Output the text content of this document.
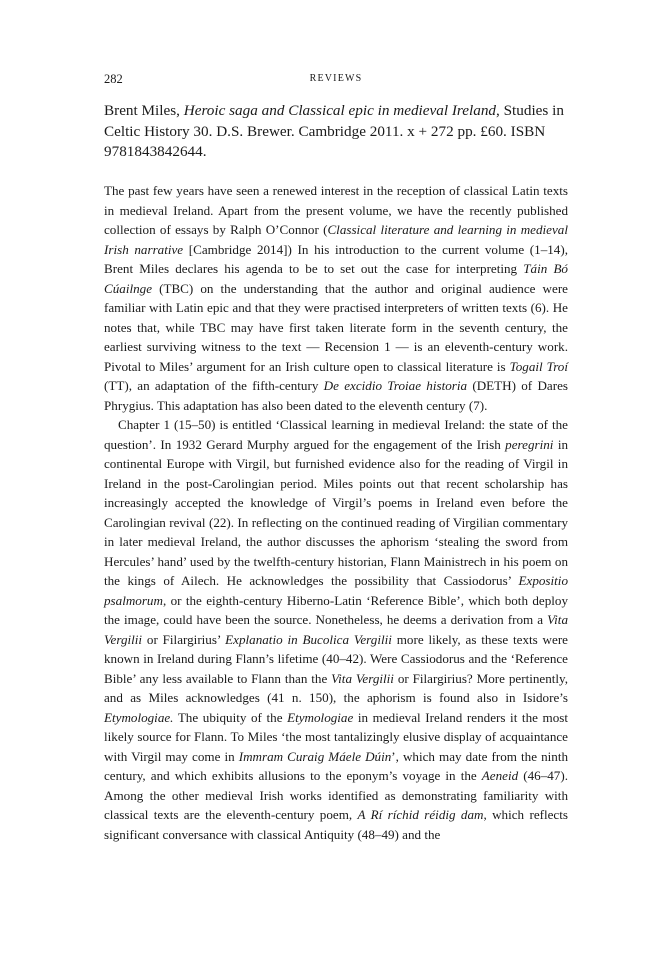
282	REVIEWS

Brent Miles, Heroic saga and Classical epic in medieval Ireland, Studies in Celtic History 30. D.S. Brewer. Cambridge 2011. x + 272 pp. £60. ISBN 9781843842644.

The past few years have seen a renewed interest in the reception of classical Latin texts in medieval Ireland. Apart from the present volume, we have the recently published collection of essays by Ralph O’Connor (Classical literature and learning in medieval Irish narrative [Cambridge 2014]) In his introduction to the current volume (1–14), Brent Miles declares his agenda to be to set out the case for interpreting Táin Bó Cúailnge (TBC) on the understanding that the author and original audience were familiar with Latin epic and that they were practised interpreters of written texts (6). He notes that, while TBC may have first taken literate form in the seventh century, the earliest surviving witness to the text — Recension 1 — is an eleventh-century work. Pivotal to Miles’ argument for an Irish culture open to classical literature is Togail Troí (TT), an adaptation of the fifth-century De excidio Troiae historia (DETH) of Dares Phrygius. This adaptation has also been dated to the eleventh century (7).

Chapter 1 (15–50) is entitled ‘Classical learning in medieval Ireland: the state of the question’. In 1932 Gerard Murphy argued for the engagement of the Irish peregrini in continental Europe with Virgil, but furnished evidence also for the reading of Virgil in Ireland in the post-Carolingian period. Miles points out that recent scholarship has increasingly accepted the knowledge of Virgil’s poems in Ireland even before the Carolingian revival (22). In reflecting on the continued reading of Virgilian commentary in later medieval Ireland, the author discusses the aphorism ‘stealing the sword from Hercules’ hand’ used by the twelfth-century historian, Flann Mainistrech in his poem on the kings of Ailech. He acknowledges the possibility that Cassiodorus’ Expositio psalmorum, or the eighth-century Hiberno-Latin ‘Reference Bible’, which both deploy the image, could have been the source. Nonetheless, he deems a derivation from a Vita Vergilii or Filargirius’ Explanatio in Bucolica Vergilii more likely, as these texts were known in Ireland during Flann’s lifetime (40–42). Were Cassiodorus and the ‘Reference Bible’ any less available to Flann than the Vita Vergilii or Filargirius? More pertinently, and as Miles acknowledges (41 n. 150), the aphorism is found also in Isidore’s Etymologiae. The ubiquity of the Etymologiae in medieval Ireland renders it the most likely source for Flann. To Miles ‘the most tantalizingly elusive display of acquaintance with Virgil may come in Immram Curaig Máele Dúin’, which may date from the ninth century, and which exhibits allusions to the eponym’s voyage in the Aeneid (46–47). Among the other medieval Irish works identified as demonstrating familiarity with classical texts are the eleventh-century poem, A Rí ríchid réidig dam, which reflects significant conversance with classical Antiquity (48–49) and the
